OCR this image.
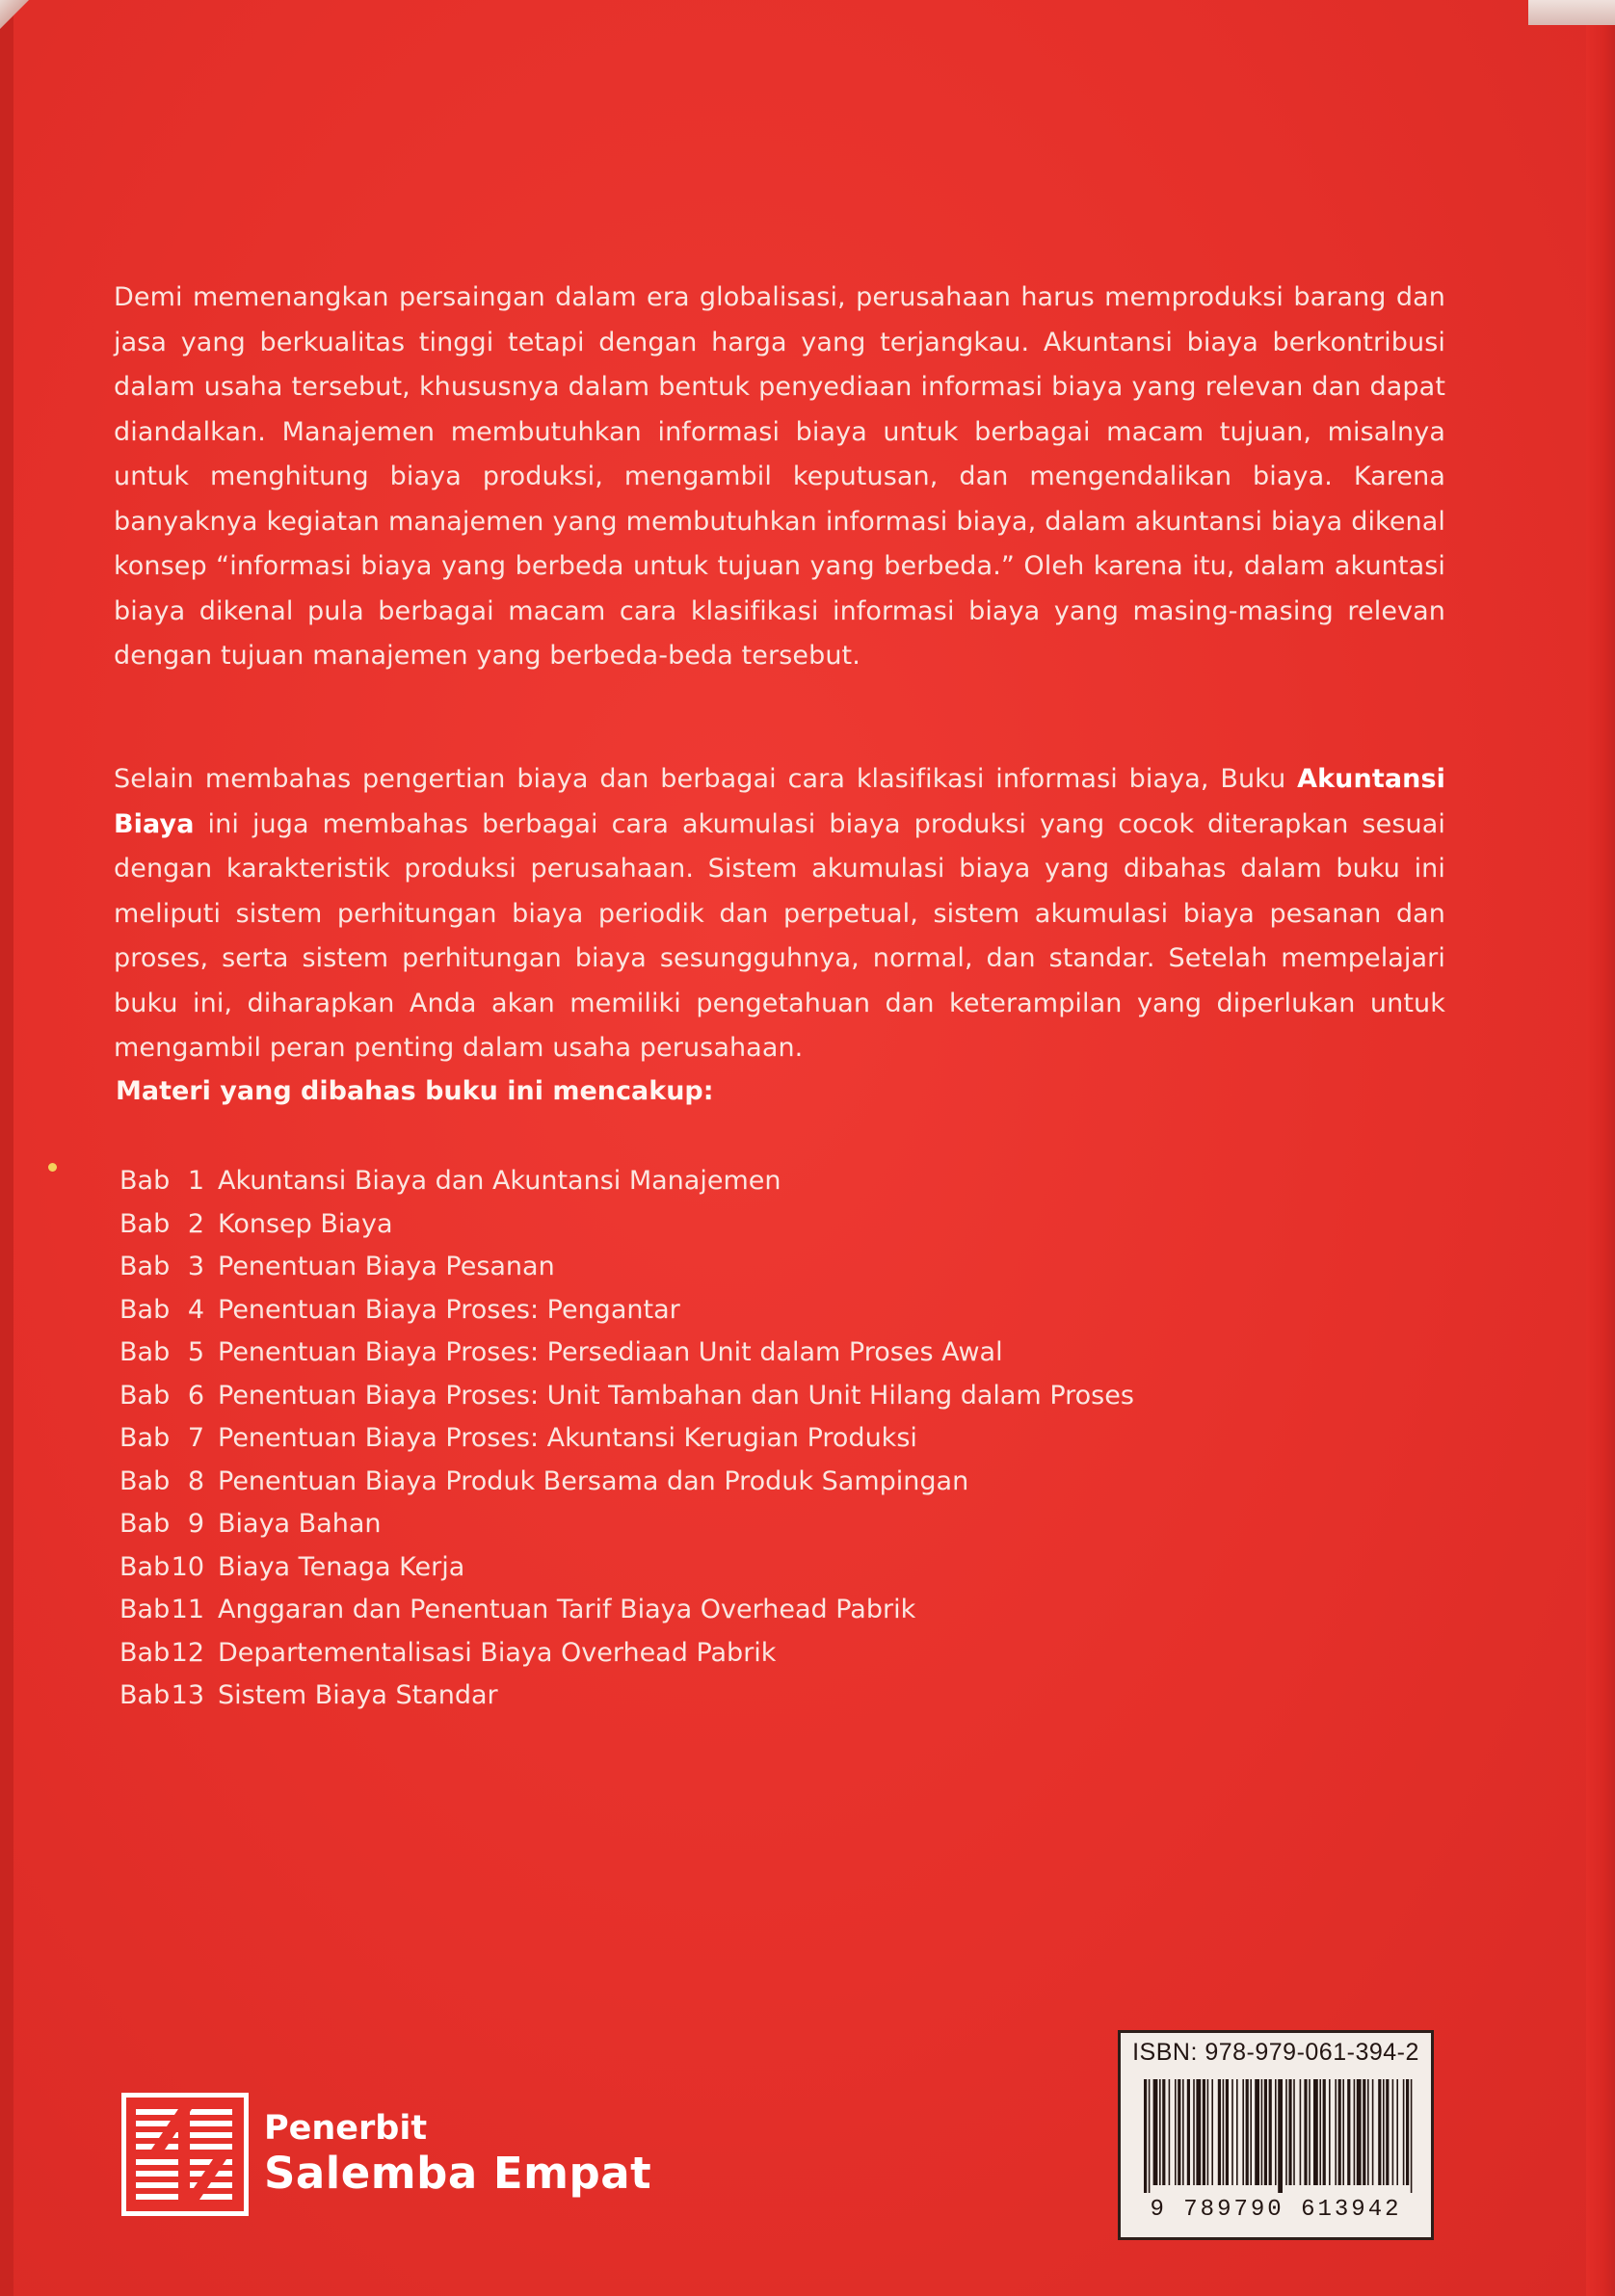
Demi memenangkan persaingan dalam era globalisasi, perusahaan harus memproduksi barang dan jasa yang berkualitas tinggi tetapi dengan harga yang terjangkau. Akuntansi biaya berkontribusi dalam usaha tersebut, khususnya dalam bentuk penyediaan informasi biaya yang relevan dan dapat diandalkan. Manajemen membutuhkan informasi biaya untuk berbagai macam tujuan, misalnya untuk menghitung biaya produksi, mengambil keputusan, dan mengendalikan biaya. Karena banyaknya kegiatan manajemen yang membutuhkan informasi biaya, dalam akuntansi biaya dikenal konsep “informasi biaya yang berbeda untuk tujuan yang berbeda.” Oleh karena itu, dalam akuntasi biaya dikenal pula berbagai macam cara klasifikasi informasi biaya yang masing-masing relevan dengan tujuan manajemen yang berbeda-beda tersebut.

Selain membahas pengertian biaya dan berbagai cara klasifikasi informasi biaya, Buku Akuntansi Biaya ini juga membahas berbagai cara akumulasi biaya produksi yang cocok diterapkan sesuai dengan karakteristik produksi perusahaan. Sistem akumulasi biaya yang dibahas dalam buku ini meliputi sistem perhitungan biaya periodik dan perpetual, sistem akumulasi biaya pesanan dan proses, serta sistem perhitungan biaya sesungguhnya, normal, dan standar. Setelah mempelajari buku ini, diharapkan Anda akan memiliki pengetahuan dan keterampilan yang diperlukan untuk mengambil peran penting dalam usaha perusahaan.

Materi yang dibahas buku ini mencakup:
Bab 1 Akuntansi Biaya dan Akuntansi Manajemen
Bab 2 Konsep Biaya
Bab 3 Penentuan Biaya Pesanan
Bab 4 Penentuan Biaya Proses: Pengantar
Bab 5 Penentuan Biaya Proses: Persediaan Unit dalam Proses Awal
Bab 6 Penentuan Biaya Proses: Unit Tambahan dan Unit Hilang dalam Proses
Bab 7 Penentuan Biaya Proses: Akuntansi Kerugian Produksi
Bab 8 Penentuan Biaya Produk Bersama dan Produk Sampingan
Bab 9 Biaya Bahan
Bab 10 Biaya Tenaga Kerja
Bab 11 Anggaran dan Penentuan Tarif Biaya Overhead Pabrik
Bab 12 Departementalisasi Biaya Overhead Pabrik
Bab 13 Sistem Biaya Standar
Penerbit
Salemba Empat
ISBN: 978-979-061-394-2
9 789790 613942
